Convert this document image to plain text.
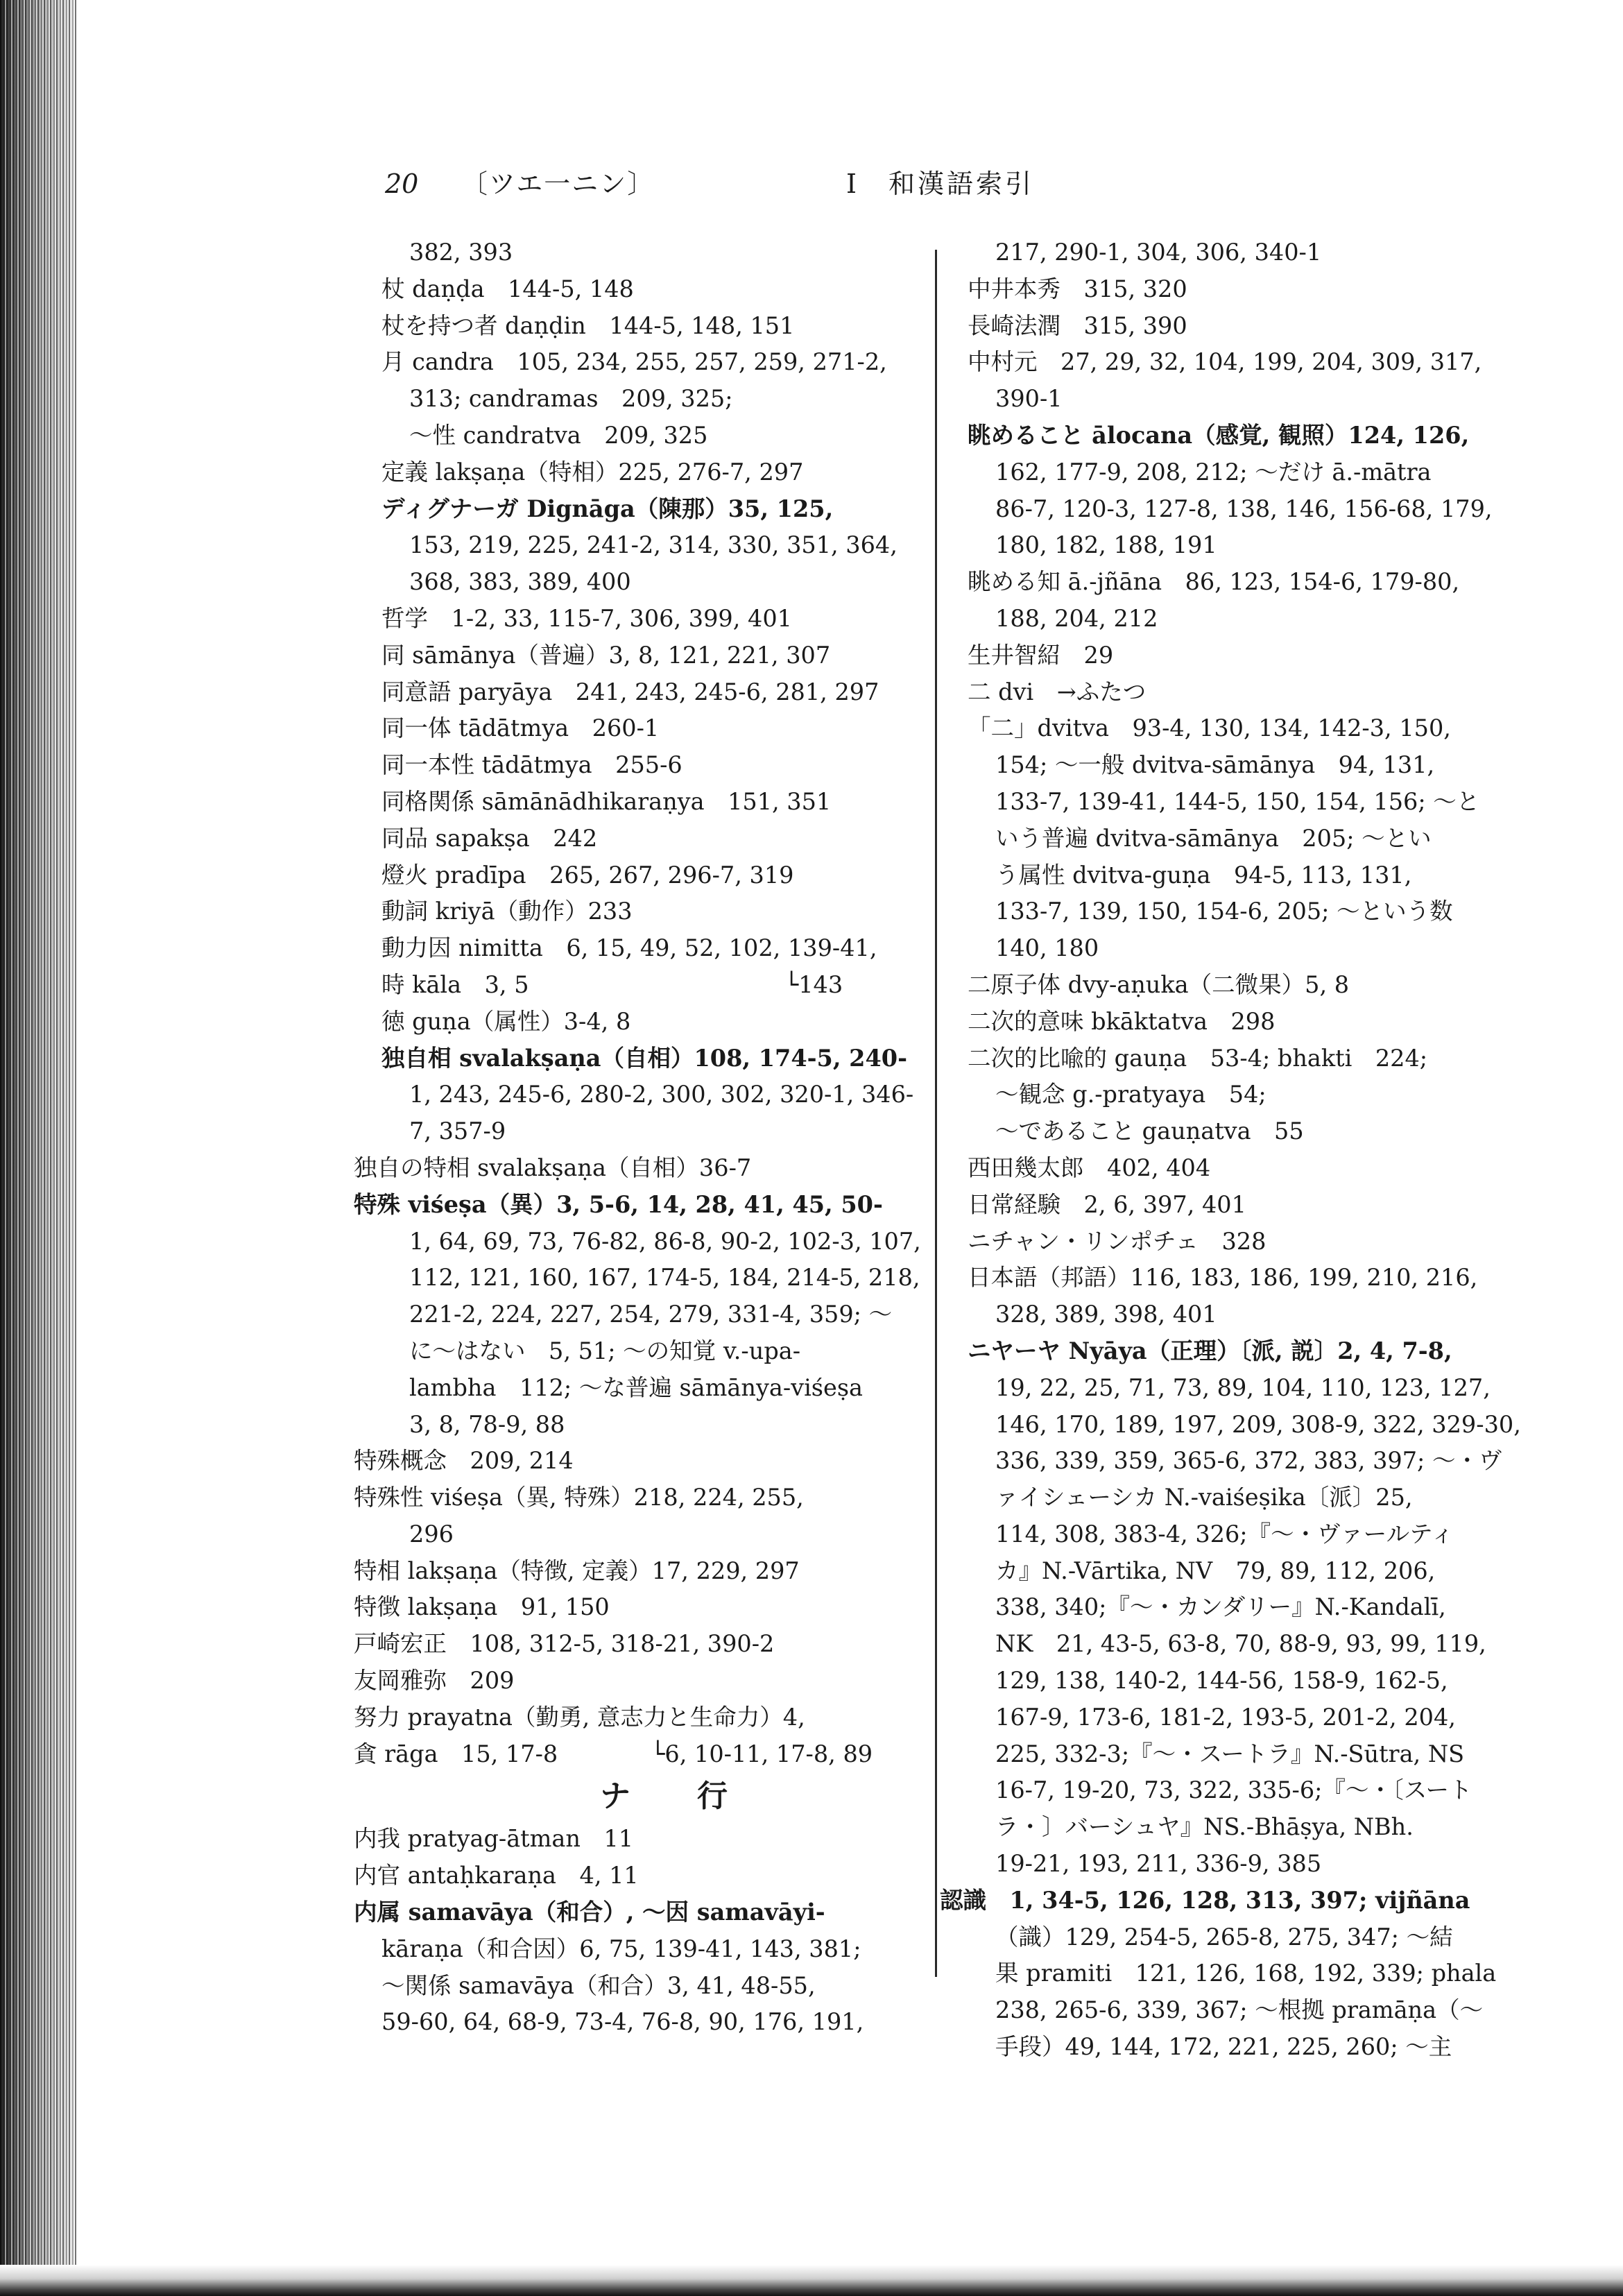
20 〔ツエ一ニン〕	Ⅰ　和漢語索引
382, 393
杖 daṇḍa　144-5, 148
杖を持つ者 daṇḍin　144-5, 148, 151
月 candra　105, 234, 255, 257, 259, 271-2,
313; candramas　209, 325;
〜性 candratva　209, 325
定義 lakṣaṇa（特相）225, 276-7, 297
ディグナーガ Dignāga（陳那）35, 125,
153, 219, 225, 241-2, 314, 330, 351, 364,
368, 383, 389, 400
哲学　1-2, 33, 115-7, 306, 399, 401
同 sāmānya（普遍）3, 8, 121, 221, 307
同意語 paryāya　241, 243, 245-6, 281, 297
同一体 tādātmya　260-1
同一本性 tādātmya　255-6
同格関係 sāmānādhikaraṇya　151, 351
同品 sapakṣa　242
燈火 pradīpa　265, 267, 296-7, 319
動詞 kriyā（動作）233
動力因 nimitta　6, 15, 49, 52, 102, 139-41,
時 kāla　3, 5　　　　　　　　　　　└143
徳 guṇa（属性）3-4, 8
独自相 svalakṣaṇa（自相）108, 174-5, 240-
1, 243, 245-6, 280-2, 300, 302, 320-1, 346-
7, 357-9
独自の特相 svalakṣaṇa（自相）36-7
特殊 viśeṣa（異）3, 5-6, 14, 28, 41, 45, 50-
1, 64, 69, 73, 76-82, 86-8, 90-2, 102-3, 107,
112, 121, 160, 167, 174-5, 184, 214-5, 218,
221-2, 224, 227, 254, 279, 331-4, 359; 〜
に〜はない　5, 51; 〜の知覚 v.-upa-
lambha　112; 〜な普遍 sāmānya-viśeṣa
3, 8, 78-9, 88
特殊概念　209, 214
特殊性 viśeṣa（異, 特殊）218, 224, 255,
296
特相 lakṣaṇa（特徴, 定義）17, 229, 297
特徴 lakṣaṇa　91, 150
戸崎宏正　108, 312-5, 318-21, 390-2
友岡雅弥　209
努力 prayatna（勤勇, 意志力と生命力）4,
貪 rāga　15, 17-8　　　　└6, 10-11, 17-8, 89
ナ　行
内我 pratyag-ātman　11
内官 antaḥkaraṇa　4, 11
内属 samavāya（和合）, 〜因 samavāyi-
kāraṇa（和合因）6, 75, 139-41, 143, 381;
〜関係 samavāya（和合）3, 41, 48-55,
59-60, 64, 68-9, 73-4, 76-8, 90, 176, 191,
217, 290-1, 304, 306, 340-1
中井本秀　315, 320
長崎法潤　315, 390
中村元　27, 29, 32, 104, 199, 204, 309, 317,
390-1
眺めること ālocana（感覚, 観照）124, 126,
162, 177-9, 208, 212; 〜だけ ā.-mātra
86-7, 120-3, 127-8, 138, 146, 156-68, 179,
180, 182, 188, 191
眺める知 ā.-jñāna　86, 123, 154-6, 179-80,
188, 204, 212
生井智紹　29
二 dvi　→ふたつ
「二」dvitva　93-4, 130, 134, 142-3, 150,
154; 〜一般 dvitva-sāmānya　94, 131,
133-7, 139-41, 144-5, 150, 154, 156; 〜と
いう普遍 dvitva-sāmānya　205; 〜とい
う属性 dvitva-guṇa　94-5, 113, 131,
133-7, 139, 150, 154-6, 205; 〜という数
140, 180
二原子体 dvy-aṇuka（二微果）5, 8
二次的意味 bkāktatva　298
二次的比喩的 gauṇa　53-4; bhakti　224;
〜観念 g.-pratyaya　54;
〜であること gauṇatva　55
西田幾太郎　402, 404
日常経験　2, 6, 397, 401
ニチャン・リンポチェ　328
日本語（邦語）116, 183, 186, 199, 210, 216,
328, 389, 398, 401
ニヤーヤ Nyāya（正理）〔派, 説〕2, 4, 7-8,
19, 22, 25, 71, 73, 89, 104, 110, 123, 127,
146, 170, 189, 197, 209, 308-9, 322, 329-30,
336, 339, 359, 365-6, 372, 383, 397; 〜・ヴ
ァイシェーシカ N.-vaiśeṣika〔派〕25,
114, 308, 383-4, 326;『〜・ヴァールティ
カ』N.-Vārtika, NV　79, 89, 112, 206,
338, 340;『〜・カンダリー』N.-Kandalī,
NK　21, 43-5, 63-8, 70, 88-9, 93, 99, 119,
129, 138, 140-2, 144-56, 158-9, 162-5,
167-9, 173-6, 181-2, 193-5, 201-2, 204,
225, 332-3;『〜・スートラ』N.-Sūtra, NS
16-7, 19-20, 73, 322, 335-6;『〜・〔スート
ラ・〕バーシュヤ』NS.-Bhāṣya, NBh.
19-21, 193, 211, 336-9, 385
認識　1, 34-5, 126, 128, 313, 397; vijñāna
（識）129, 254-5, 265-8, 275, 347; 〜結
果 pramiti　121, 126, 168, 192, 339; phala
238, 265-6, 339, 367; 〜根拠 pramāṇa（〜
手段）49, 144, 172, 221, 225, 260; 〜主
